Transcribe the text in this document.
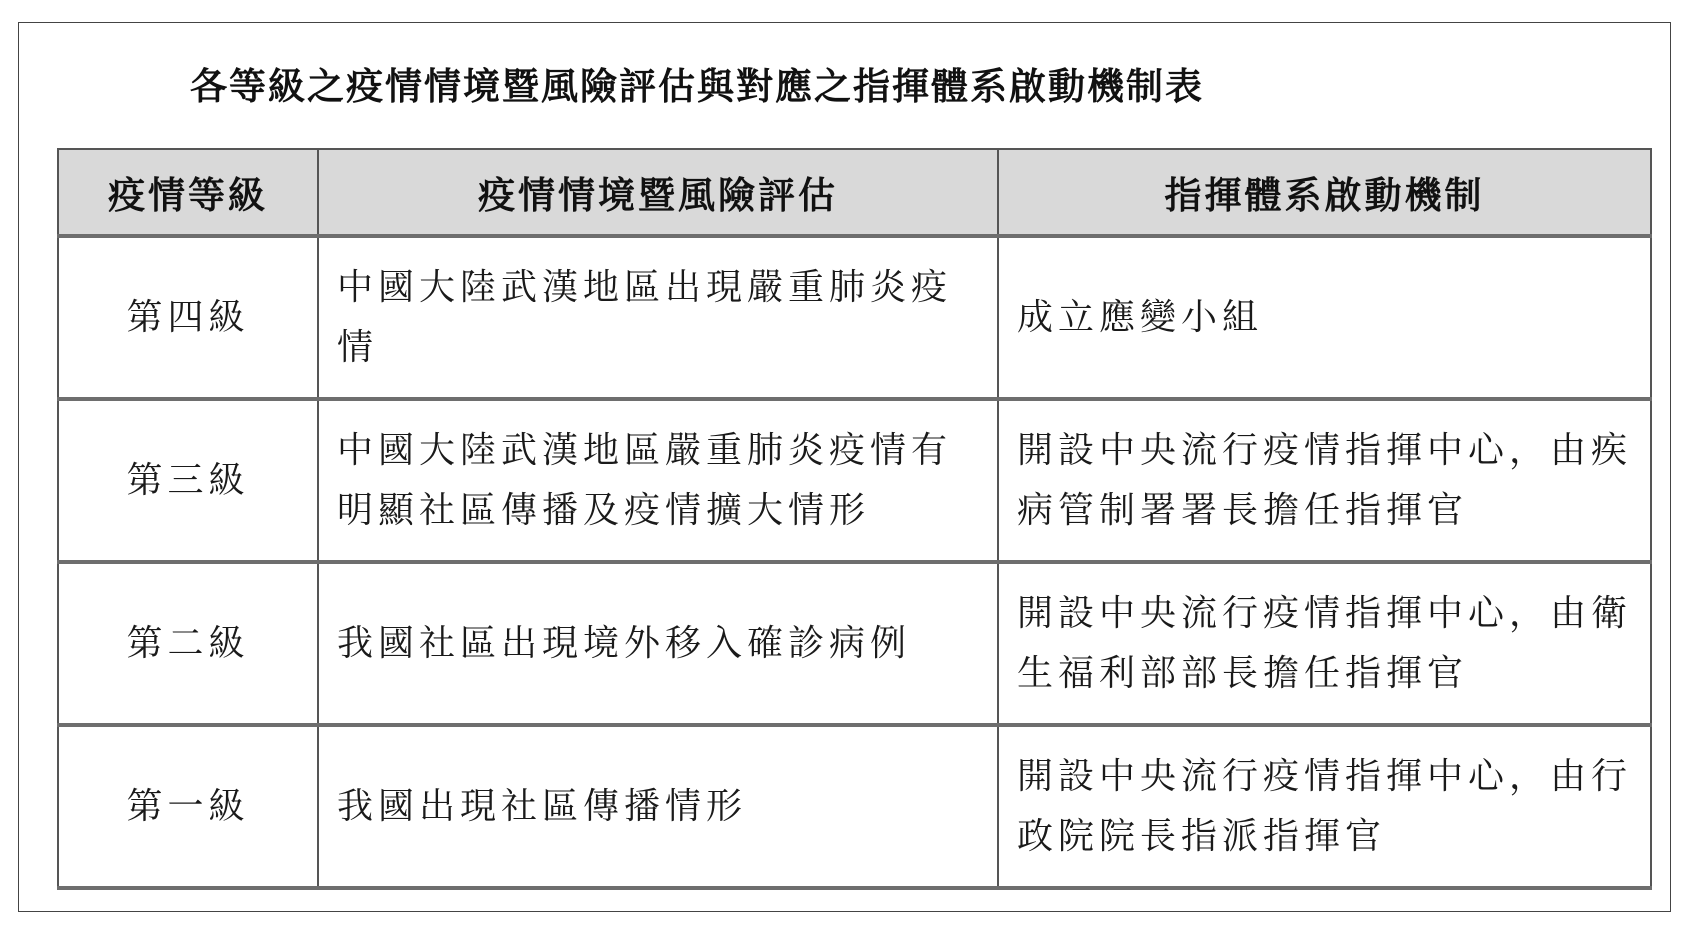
各等級之疫情情境暨風險評估與對應之指揮體系啟動機制表
疫情等級	疫情情境暨風險評估	指揮體系啟動機制
第四級	中國大陸武漢地區出現嚴重肺炎疫情	成立應變小組
第三級	中國大陸武漢地區嚴重肺炎疫情有明顯社區傳播及疫情擴大情形	開設中央流行疫情指揮中心，由疾病管制署署長擔任指揮官
第二級	我國社區出現境外移入確診病例	開設中央流行疫情指揮中心，由衛生福利部部長擔任指揮官
第一級	我國出現社區傳播情形	開設中央流行疫情指揮中心，由行政院院長指派指揮官
